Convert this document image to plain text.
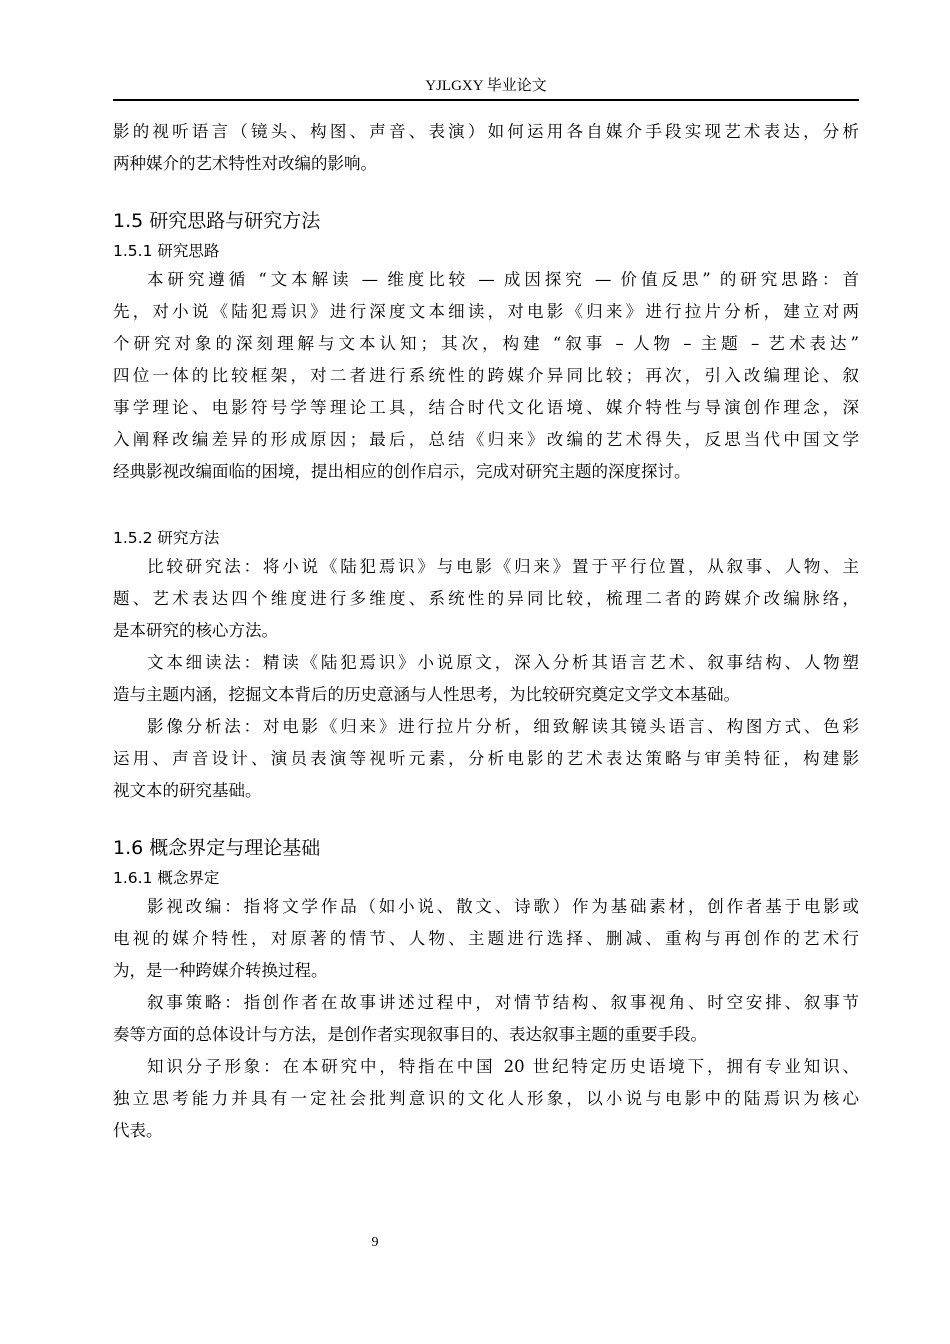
YJLGXY 毕业论文

影的视听语言（镜头、构图、声音、表演）如何运用各自媒介手段实现艺术表达，分析
两种媒介的艺术特性对改编的影响。

1.5 研究思路与研究方法
1.5.1 研究思路

本研究遵循 “文本解读 — 维度比较 — 成因探究 — 价值反思” 的研究思路：首
先，对小说《陆犯焉识》进行深度文本细读，对电影《归来》进行拉片分析，建立对两
个研究对象的深刻理解与文本认知；其次，构建 “叙事 – 人物 – 主题 – 艺术表达”
四位一体的比较框架，对二者进行系统性的跨媒介异同比较；再次，引入改编理论、叙
事学理论、电影符号学等理论工具，结合时代文化语境、媒介特性与导演创作理念，深
入阐释改编差异的形成原因；最后，总结《归来》改编的艺术得失，反思当代中国文学
经典影视改编面临的困境，提出相应的创作启示，完成对研究主题的深度探讨。

1.5.2 研究方法

比较研究法：将小说《陆犯焉识》与电影《归来》置于平行位置，从叙事、人物、主
题、艺术表达四个维度进行多维度、系统性的异同比较，梳理二者的跨媒介改编脉络，
是本研究的核心方法。

文本细读法：精读《陆犯焉识》小说原文，深入分析其语言艺术、叙事结构、人物塑
造与主题内涵，挖掘文本背后的历史意涵与人性思考，为比较研究奠定文学文本基础。

影像分析法：对电影《归来》进行拉片分析，细致解读其镜头语言、构图方式、色彩
运用、声音设计、演员表演等视听元素，分析电影的艺术表达策略与审美特征，构建影
视文本的研究基础。

1.6 概念界定与理论基础
1.6.1 概念界定

影视改编：指将文学作品（如小说、散文、诗歌）作为基础素材，创作者基于电影或
电视的媒介特性，对原著的情节、人物、主题进行选择、删减、重构与再创作的艺术行
为，是一种跨媒介转换过程。

叙事策略：指创作者在故事讲述过程中，对情节结构、叙事视角、时空安排、叙事节
奏等方面的总体设计与方法，是创作者实现叙事目的、表达叙事主题的重要手段。

知识分子形象：在本研究中，特指在中国 20 世纪特定历史语境下，拥有专业知识、
独立思考能力并具有一定社会批判意识的文化人形象，以小说与电影中的陆焉识为核心
代表。

9
